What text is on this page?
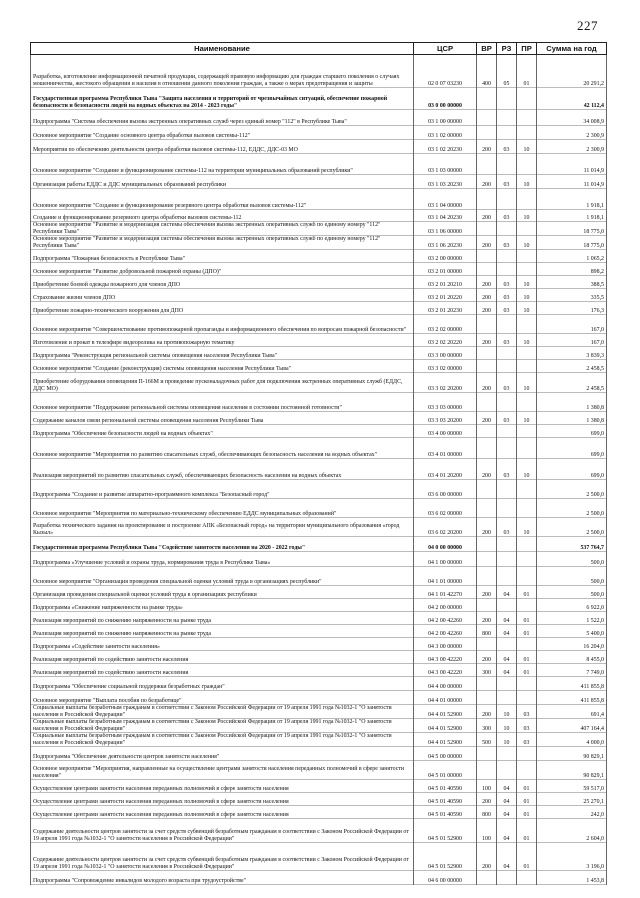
227
Наименование	ЦСР	ВР	РЗ	ПР	Сумма на год
Разработка, изготовление информационной печатной продукции, содержащей правовую информацию для граждан старшего поколения о случаях мошенничества, жестокого обращения и насилия в отношении данного поколения граждан, а также о мерах предотвращения и защиты	02 0 07 03230	400	05	01	20 291,2
Государственная программа Республики Тыва "Защита населения и территорий от чрезвычайных ситуаций, обеспечение пожарной безопасности и безопасности людей на водных объектах на 2014 - 2023 годы"	03 0 00 00000				42 112,4
Подпрограмма "Система обеспечения вызова экстренных оперативных служб через единый номер "112" в Республике Тыва"	03 1 00 00000				34 008,9
Основное мероприятие "Создание основного центра обработки вызовов системы-112"	03 1 02 00000				2 300,9
Мероприятия по обеспечению деятельности центра обработки вызовов системы-112, ЕДДС, ДДС-03 МО	03 1 02 20230	200	03	10	2 300,9
Основное мероприятие "Создание и функционирование системы-112 на территории муниципальных образований республики"	03 1 03 00000				11 014,9
Организация работы ЕДДС и ДДС муниципальных образований республики	03 1 03 20230	200	03	10	11 014,9
Основное мероприятие "Создание и функционирование резервного центра обработки вызовов системы-112"	03 1 04 00000				1 918,1
Создание и функционирование резервного центра обработки вызовов системы-112	03 1 04 20230	200	03	10	1 918,1
Основное мероприятие "Развитие и модернизация системы обеспечения вызова экстренных оперативных служб по единому номеру "112" Республики Тыва"	03 1 06 00000				18 775,0
Основное мероприятие "Развитие и модернизация системы обеспечения вызова экстренных оперативных служб по единому номеру "112" Республики Тыва"	03 1 06 20230	200	03	10	18 775,0
Подпрограмма "Пожарная безопасность в Республике Тыва"	03 2 00 00000				1 065,2
Основное мероприятие "Развитие добровольной пожарной охраны (ДПО)"	03 2 01 00000				898,2
Приобретение боевой одежды пожарного для членов ДПО	03 2 01 20210	200	03	10	388,5
Страхование жизни членов ДПО	03 2 01 20220	200	03	10	335,5
Приобретение пожарно-технического вооружения для ДПО	03 2 01 20230	200	03	10	176,3
Основное мероприятие "Совершенствование противопожарной пропаганды и информационного обеспечения по вопросам пожарной безопасности"	03 2 02 00000				167,0
Изготовление и прокат в телеэфире видеоролика на противопожарную тематику	03 2 02 20220	200	03	10	167,0
Подпрограмма "Реконструкция региональной системы оповещения населения Республики Тыва"	03 3 00 00000				3 839,3
Основное мероприятие "Создание (реконструкция) системы оповещения населения Республики Тыва"	03 3 02 00000				2 458,5
Приобретение оборудования оповещения П-166М и проведение пусконаладочных работ для подключения экстренных оперативных служб (ЕДДС, ДДС МО)	03 3 02 20200	200	03	10	2 458,5
Основное мероприятие "Поддержание региональной системы оповещения населения в состоянии постоянной готовности"	03 3 03 00000				1 380,8
Содержание каналов связи региональной системы оповещения населения Республики Тыва	03 3 03 20200	200	03	10	1 380,8
Подпрограмма "Обеспечение безопасности людей на водных объектах"	03 4 00 00000				699,0
Основное мероприятие "Мероприятия по развитию спасательных служб, обеспечивающих безопасность населения на водных объектах"	03 4 01 00000				699,0
Реализация мероприятий по развитию спасательных служб, обеспечивающих безопасность населения на водных объектах	03 4 01 20200	200	03	10	699,0
Подпрограмма "Создание и развитие аппаратно-программного комплекса "Безопасный город"	03 6 00 00000				2 500,0
Основное мероприятие "Мероприятия по материально-техническому обеспечению ЕДДС муниципальных образований"	03 6 02 00000				2 500,0
Разработка технического задания на проектирование и построение АПК «Безопасный город» на территории муниципального образования «город Кызыл»	03 6 02 20200	200	03	10	2 500,0
Государственная программа Республики Тыва "Содействие занятости населения на 2020 - 2022 годы"	04 0 00 00000				537 764,7
Подпрограмма «Улучшение условий и охраны труда, нормирования труда в Республике Тыва»	04 1 00 00000				500,0
Основное мероприятие "Организация проведения специальной оценки условий труда в организациях республики"	04 1 01 00000				500,0
Организация проведения специальной оценки условий труда в организациях республики	04 1 01 42270	200	04	01	500,0
Подпрограмма «Снижение напряженности на рынке труда»	04 2 00 00000				6 922,0
Реализация мероприятий по снижению напряженности на рынке труда	04 2 00 42260	200	04	01	1 522,0
Реализация мероприятий по снижению напряженности на рынке труда	04 2 00 42260	800	04	01	5 400,0
Подпрограмма «Содействие занятости населения»	04 3 00 00000				16 204,0
Реализация мероприятий по содействию занятости населения	04 3 00 42220	200	04	01	8 455,0
Реализация мероприятий по содействию занятости населения	04 3 00 42220	300	04	01	7 749,0
Подпрограмма "Обеспечение социальной поддержки безработных граждан"	04 4 00 00000				411 855,8
Основное мероприятие "Выплата пособия по безработице"	04 4 01 00000				411 855,8
Социальные выплаты безработным гражданам в соответствии с Законом Российской Федерации от 19 апреля 1991 года №1032-1 "О занятости населения в Российской Федерации"	04 4 01 52900	200	10	03	691,4
Социальные выплаты безработным гражданам в соответствии с Законом Российской Федерации от 19 апреля 1991 года №1032-1 "О занятости населения в Российской Федерации"	04 4 01 52900	300	10	03	407 164,4
Социальные выплаты безработным гражданам в соответствии с Законом Российской Федерации от 19 апреля 1991 года №1032-1 "О занятости населения в Российской Федерации"	04 4 01 52900	500	10	03	4 000,0
Подпрограмма "Обеспечение деятельности центров занятости населения"	04 5 00 00000				90 829,1
Основное мероприятие "Мероприятия, направленные на осуществление центрами занятости населения переданных полномочий в сфере занятости населения"	04 5 01 00000				90 829,1
Осуществление центрами занятости населения переданных полномочий в сфере занятости населения	04 5 01 40590	100	04	01	59 517,0
Осуществление центрами занятости населения переданных полномочий в сфере занятости населения	04 5 01 40590	200	04	01	25 270,1
Осуществление центрами занятости населения переданных полномочий в сфере занятости населения	04 5 01 40590	800	04	01	242,0
Содержание деятельности центров занятости за счет средств субвенций безработным гражданам в соответствии с Законом Российской Федерации от 19 апреля 1991 года №1032-1 "О занятости населения в Российской Федерации"	04 5 01 52900	100	04	01	2 604,0
Содержание деятельности центров занятости за счет средств субвенций безработным гражданам в соответствии с Законом Российской Федерации от 19 апреля 1991 года №1032-1 "О занятости населения в Российской Федерации"	04 5 01 52900	200	04	01	3 196,0
Подпрограмма "Сопровождение инвалидов молодого возраста при трудоустройстве"	04 6 00 00000				1 453,8
